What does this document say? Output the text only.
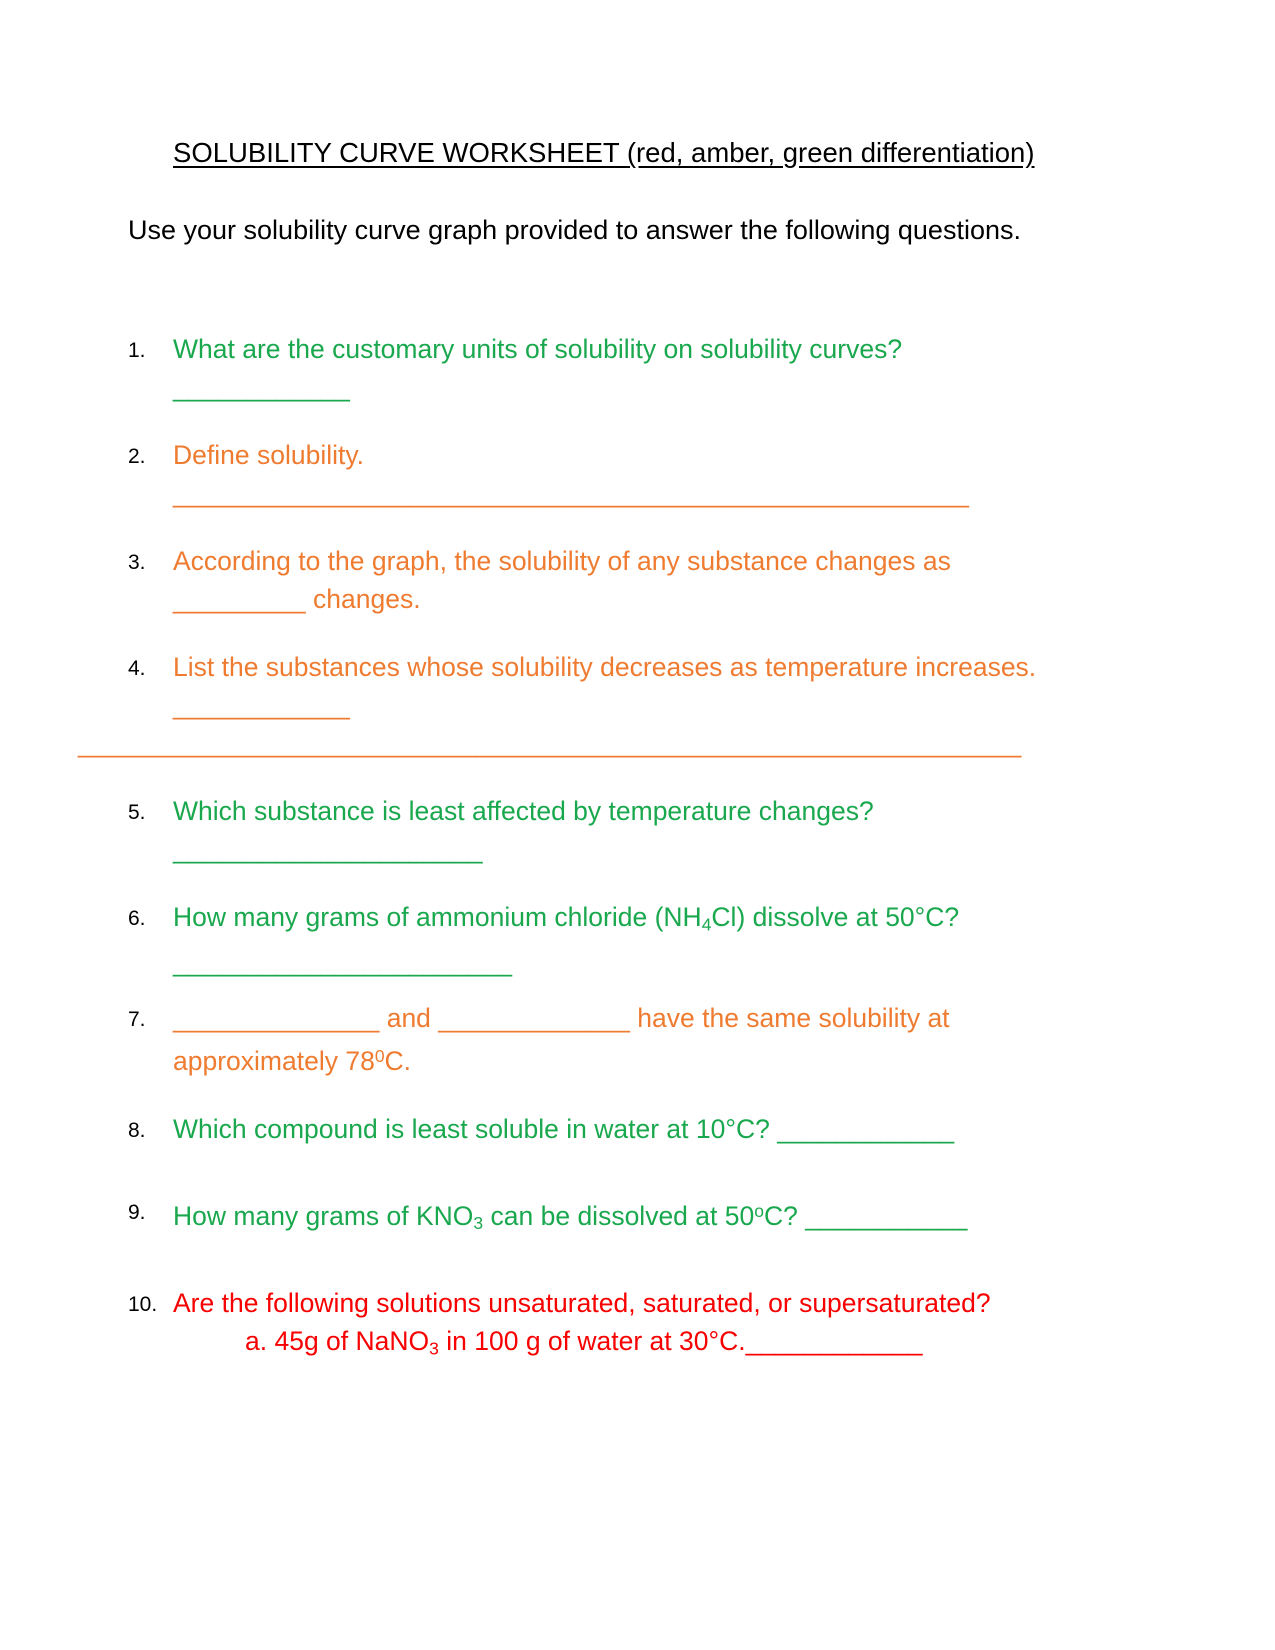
SOLUBILITY CURVE WORKSHEET (red, amber, green differentiation)
Use your solubility curve graph provided to answer the following questions.
1.	What are the customary units of solubility on solubility curves?
____________
2.	Define solubility.
______________________________________________________
3.	According to the graph, the solubility of any substance changes as
_________ changes.
4.	List the substances whose solubility decreases as temperature increases.
____________
________________________________________________________________
5.	Which substance is least affected by temperature changes?
_____________________
6.	How many grams of ammonium chloride $(NH_4Cl)$ dissolve at 50°C?
_______________________
7.	______________ and _____________ have the same solubility at
approximately $78^0C$.
8.	Which compound is least soluble in water at 10°C? ____________
9.	How many grams of $KNO_3$ can be dissolved at 50$^o$C? ___________
10. Are the following solutions unsaturated, saturated, or supersaturated?
a. 45g of NaNO$_3$ in 100 g of water at 30°C.____________
